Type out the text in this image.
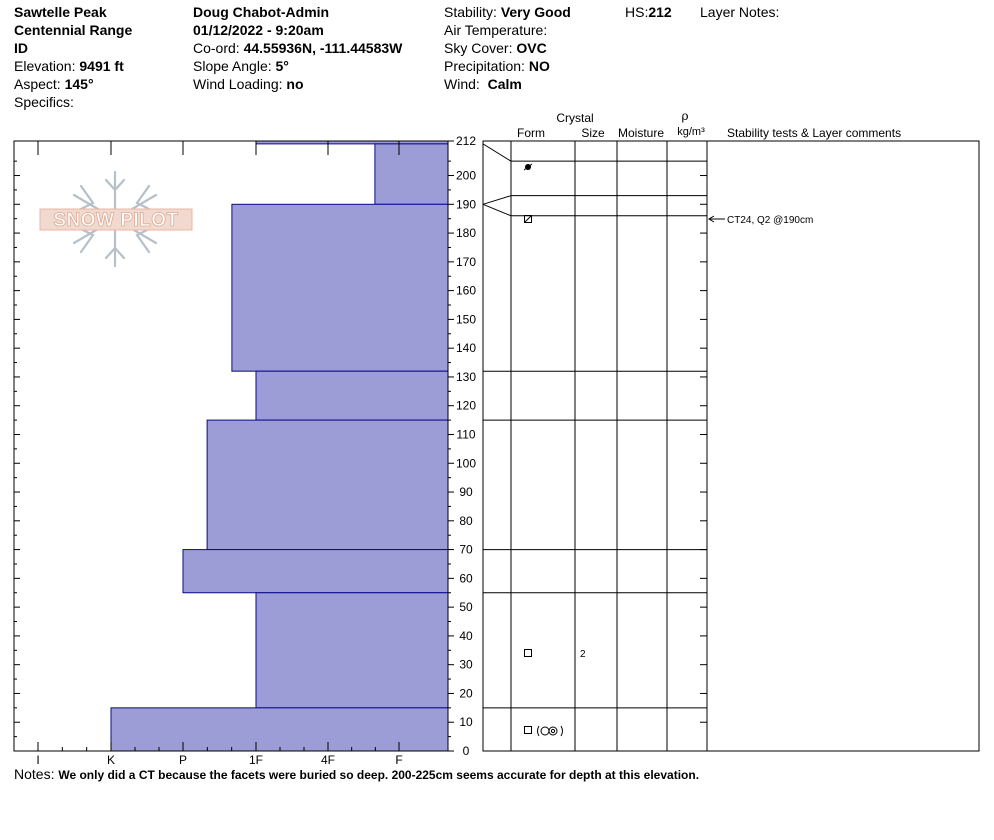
Sawtelle Peak
Centennial Range
ID
Elevation: 9491 ft
Aspect: 145°
Specifics:
Doug Chabot-Admin
01/12/2022 - 9:20am
Co-ord: 44.55936N, -111.44583W
Slope Angle: 5°
Wind Loading: no
Stability: Very Good
Air Temperature:
Sky Cover: OVC
Precipitation: NO
Wind: Calm
HS:212 Layer Notes:
SNOW PILOT
I	K	P	1F	4F	F
0
10
20
30
40
50
60
70
80
90
100
110
120
130
140
150
160
170
180
190
200
212
Crystal
Form	Size Moisture
ρ
kg/m³ Stability tests & Layer comments
2
CT24, Q2 @190cm
Notes: We only did a CT because the facets were buried so deep. 200-225cm seems accurate for depth at this elevation.
